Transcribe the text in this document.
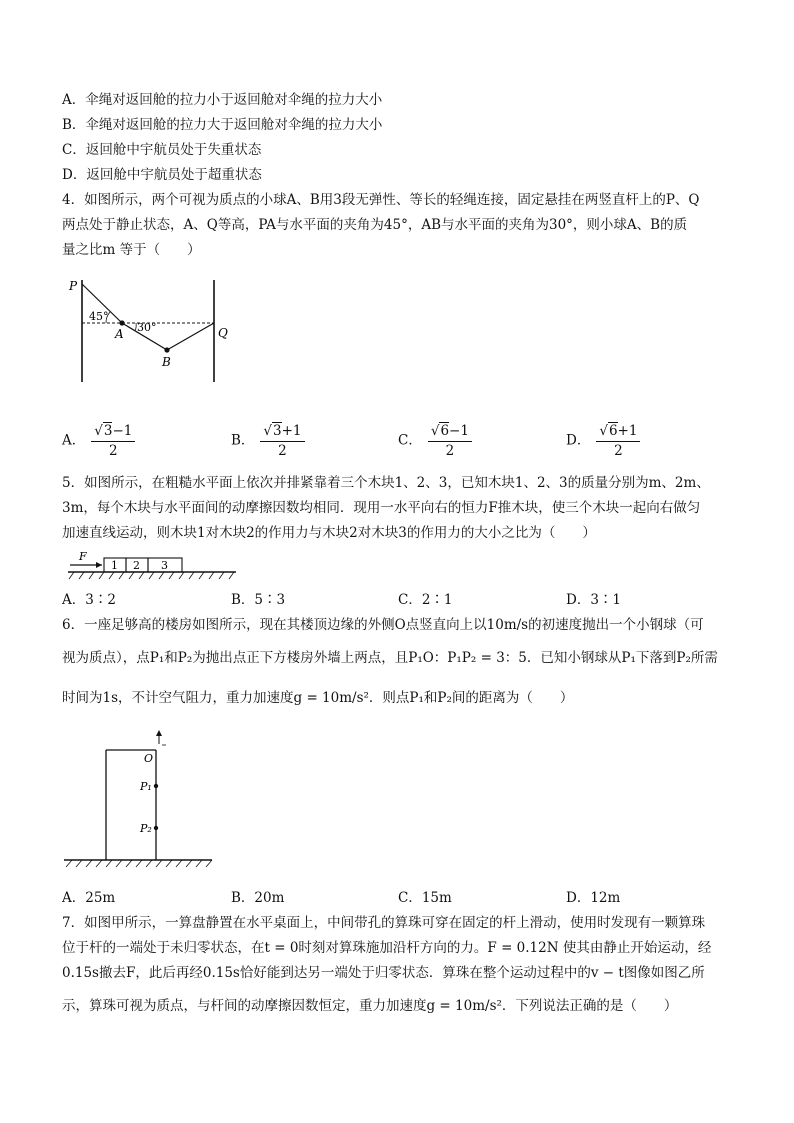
A．伞绳对返回舱的拉力小于返回舱对伞绳的拉力大小
B．伞绳对返回舱的拉力大于返回舱对伞绳的拉力大小
C．返回舱中宇航员处于失重状态
D．返回舱中宇航员处于超重状态
4．如图所示，两个可视为质点的小球A、B用3段无弹性、等长的轻绳连接，固定悬挂在两竖直杆上的P、Q
两点处于静止状态，A、Q等高，PA与水平面的夹角为45°，AB与水平面的夹角为30°，则小球A、B的质
量之比m 等于（　　）
P
Q
A
B
45°
30°
A． $\frac{√3-1}{2}$	B． $\frac{√3+1}{2}$	C． $\frac{√6-1}{2}$	D． $\frac{√6+1}{2}$
5．如图所示，在粗糙水平面上依次并排紧靠着三个木块1、2、3，已知木块1、2、3的质量分别为m、2m、
3m，每个木块与水平面间的动摩擦因数均相同．现用一水平向右的恒力F推木块，使三个木块一起向右做匀
加速直线运动，则木块1对木块2的作用力与木块2对木块3的作用力的大小之比为（　　）
1 2 3
F
A．3∶2	B．5∶3	C．2∶1	D．3∶1
6．一座足够高的楼房如图所示，现在其楼顶边缘的外侧O点竖直向上以10m/s的初速度抛出一个小钢球（可
视为质点），点P₁和P₂为抛出点正下方楼房外墙上两点，且P₁O：P₁P₂ = 3：5．已知小钢球从P₁下落到P₂所需
时间为1s，不计空气阻力，重力加速度g = 10m/s²．则点P₁和P₂间的距离为（　　）
O
P₁
P₂
A．25m	B．20m	C．15m	D．12m
7．如图甲所示，一算盘静置在水平桌面上，中间带孔的算珠可穿在固定的杆上滑动，使用时发现有一颗算珠
位于杆的一端处于未归零状态，在t = 0时刻对算珠施加沿杆方向的力。F = 0.12N 使其由静止开始运动，经
0.15s撤去F，此后再经0.15s恰好能到达另一端处于归零状态．算珠在整个运动过程中的v − t图像如图乙所
示，算珠可视为质点，与杆间的动摩擦因数恒定，重力加速度g = 10m/s²．下列说法正确的是（　　）
